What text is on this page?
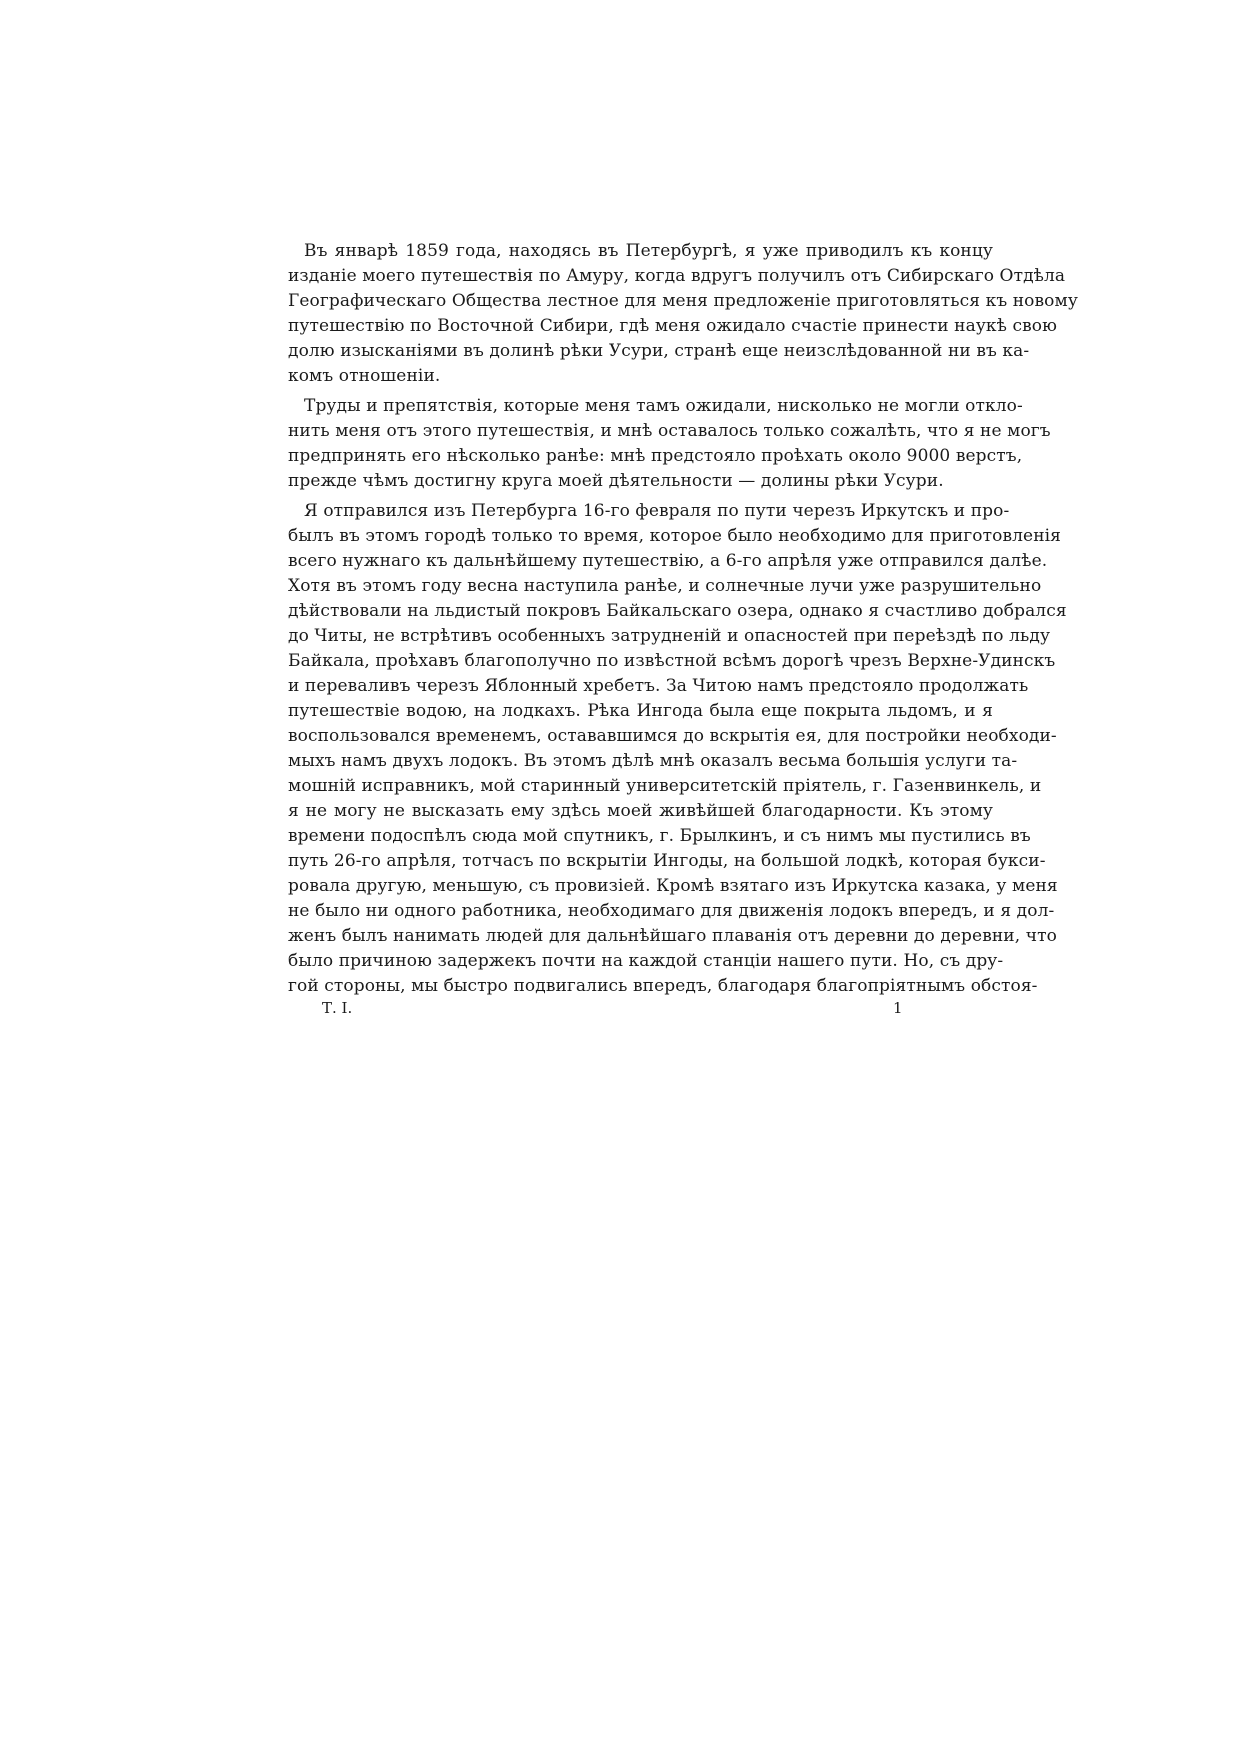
Въ январѣ 1859 года, находясь въ Петербургѣ, я уже приводилъ къ концу
изданіе моего путешествія по Амуру, когда вдругъ получилъ отъ Сибирскаго Отдѣла
Географическаго Общества лестное для меня предложеніе приготовляться къ новому
путешествію по Восточной Сибири, гдѣ меня ожидало счастіе принести наукѣ свою
долю изысканіями въ долинѣ рѣки Усури, странѣ еще неизслѣдованной ни въ ка-
комъ отношеніи.
Труды и препятствія, которые меня тамъ ожидали, нисколько не могли откло-
нить меня отъ этого путешествія, и мнѣ оставалось только сожалѣть, что я не могъ
предпринять его нѣсколько ранѣе: мнѣ предстояло проѣхать около 9000 верстъ,
прежде чѣмъ достигну круга моей дѣятельности — долины рѣки Усури.
Я отправился изъ Петербурга 16-го февраля по пути черезъ Иркутскъ и про-
былъ въ этомъ городѣ только то время, которое было необходимо для приготовленія
всего нужнаго къ дальнѣйшему путешествію, а 6-го апрѣля уже отправился далѣе.
Хотя въ этомъ году весна наступила ранѣе, и солнечные лучи уже разрушительно
дѣйствовали на льдистый покровъ Байкальскаго озера, однако я счастливо добрался
до Читы, не встрѣтивъ особенныхъ затрудненій и опасностей при переѣздѣ по льду
Байкала, проѣхавъ благополучно по извѣстной всѣмъ дорогѣ чрезъ Верхне-Удинскъ
и переваливъ черезъ Яблонный хребетъ. За Читою намъ предстояло продолжать
путешествіе водою, на лодкахъ. Рѣка Ингода была еще покрыта льдомъ, и я
воспользовался временемъ, остававшимся до вскрытія ея, для постройки необходи-
мыхъ намъ двухъ лодокъ. Въ этомъ дѣлѣ мнѣ оказалъ весьма большія услуги та-
мошній исправникъ, мой старинный университетскій пріятель, г. Газенвинкель, и
я не могу не высказать ему здѣсь моей живѣйшей благодарности. Къ этому
времени подоспѣлъ сюда мой спутникъ, г. Брылкинъ, и съ нимъ мы пустились въ
путь 26-го апрѣля, тотчасъ по вскрытіи Ингоды, на большой лодкѣ, которая букси-
ровала другую, меньшую, съ провизіей. Кромѣ взятаго изъ Иркутска казака, у меня
не было ни одного работника, необходимаго для движенія лодокъ впередъ, и я дол-
женъ былъ нанимать людей для дальнѣйшаго плаванія отъ деревни до деревни, что
было причиною задержекъ почти на каждой станціи нашего пути. Но, съ дру-
гой стороны, мы быстро подвигались впередъ, благодаря благопріятнымъ обстоя-
Т. I.	1
